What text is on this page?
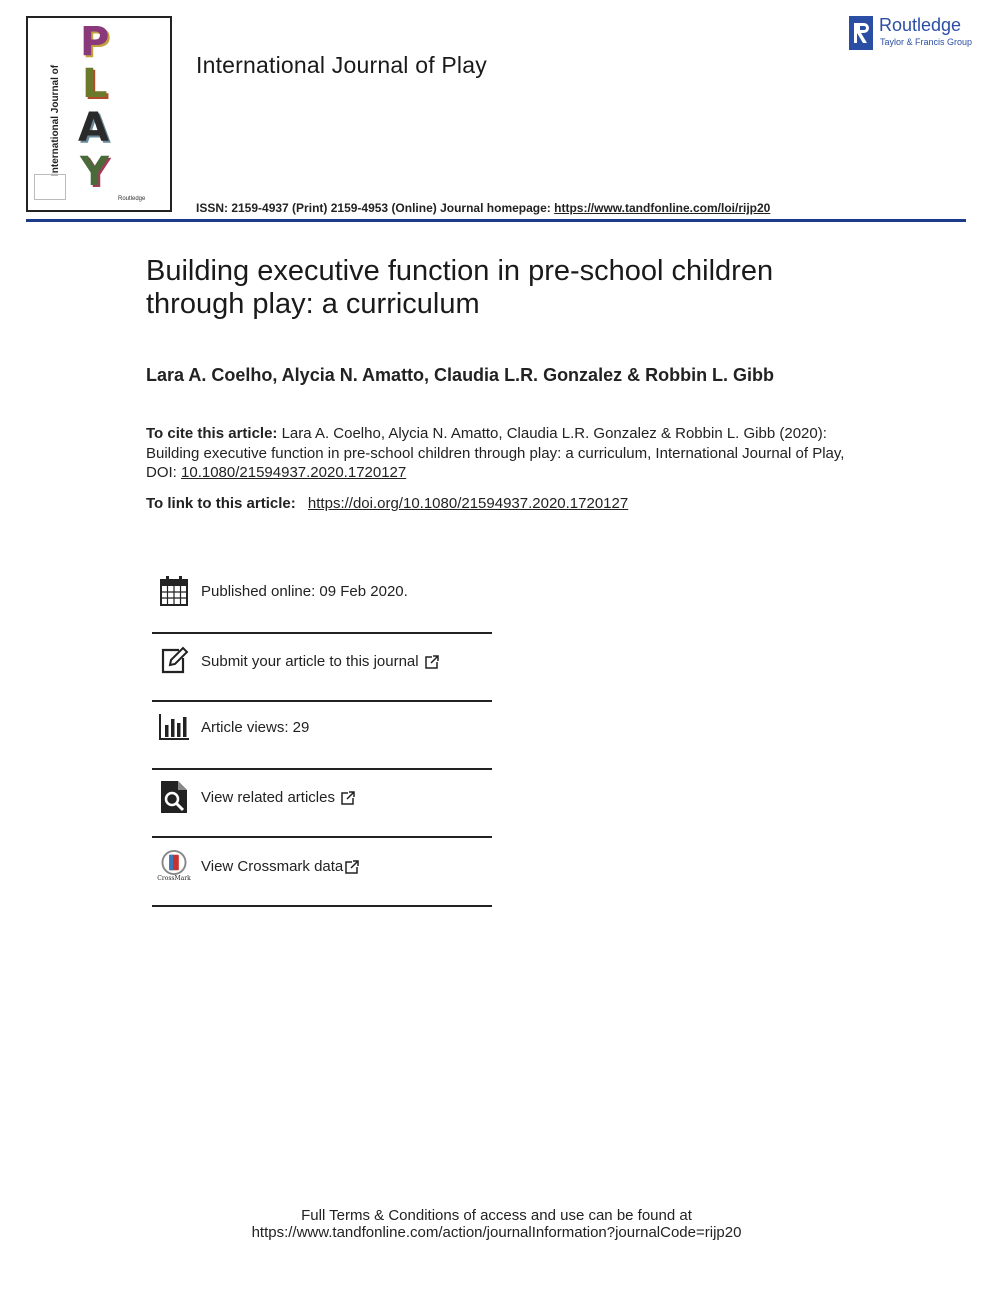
International Journal of
P
L
A
Y
Routledge
International Journal of Play
ISSN: 2159-4937 (Print) 2159-4953 (Online) Journal homepage: https://www.tandfonline.com/loi/rijp20
Routledge
Taylor & Francis Group
Building executive function in pre-school children through play: a curriculum
Lara A. Coelho, Alycia N. Amatto, Claudia L.R. Gonzalez & Robbin L. Gibb
To cite this article: Lara A. Coelho, Alycia N. Amatto, Claudia L.R. Gonzalez & Robbin L. Gibb (2020): Building executive function in pre-school children through play: a curriculum, International Journal of Play, DOI: 10.1080/21594937.2020.1720127
To link to this article: https://doi.org/10.1080/21594937.2020.1720127
Published online: 09 Feb 2020.
Submit your article to this journal
Article views: 29
View related articles
CrossMark
View Crossmark data
Full Terms & Conditions of access and use can be found at
https://www.tandfonline.com/action/journalInformation?journalCode=rijp20
